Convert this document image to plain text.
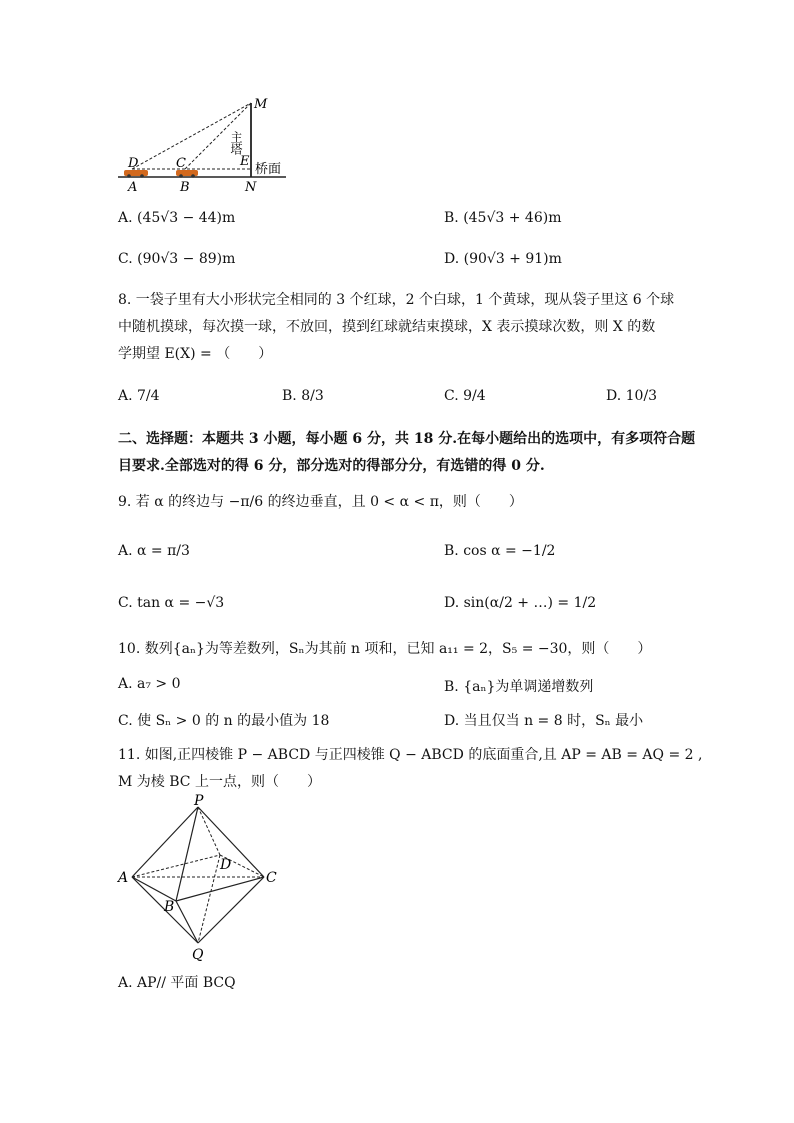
M
D	C	E
A	B	N
主塔
桥面
A. (45√3 − 44)m	B. (45√3 + 46)m
C. (90√3 − 89)m	D. (90√3 + 91)m
8. 一袋子里有大小形状完全相同的 3 个红球，2 个白球，1 个黄球，现从袋子里这 6 个球
中随机摸球，每次摸一球，不放回，摸到红球就结束摸球，X 表示摸球次数，则 X 的数
学期望 E(X) = （　　）
A. 7/4	B. 8/3	C. 9/4	D. 10/3
二、选择题：本题共 3 小题，每小题 6 分，共 18 分.在每小题给出的选项中，有多项符合题
目要求.全部选对的得 6 分，部分选对的得部分分，有选错的得 0 分.
9. 若 α 的终边与 −π/6 的终边垂直，且 0 < α < π，则（　　）
A. α = π/3	B. cos α = −1/2
C. tan α = −√3	D. sin(α/2 + …) = 1/2
10. 数列{aₙ}为等差数列，Sₙ为其前 n 项和，已知 a₁₁ = 2，S₅ = −30，则（　　）
A. a₇ > 0	B. {aₙ}为单调递增数列
C. 使 Sₙ > 0 的 n 的最小值为 18	D. 当且仅当 n = 8 时，Sₙ 最小
11. 如图,正四棱锥 P − ABCD 与正四棱锥 Q − ABCD 的底面重合,且 AP = AB = AQ = 2 ,
M 为棱 BC 上一点，则（　　）
P
A
D
C
B
Q
A. AP// 平面 BCQ
